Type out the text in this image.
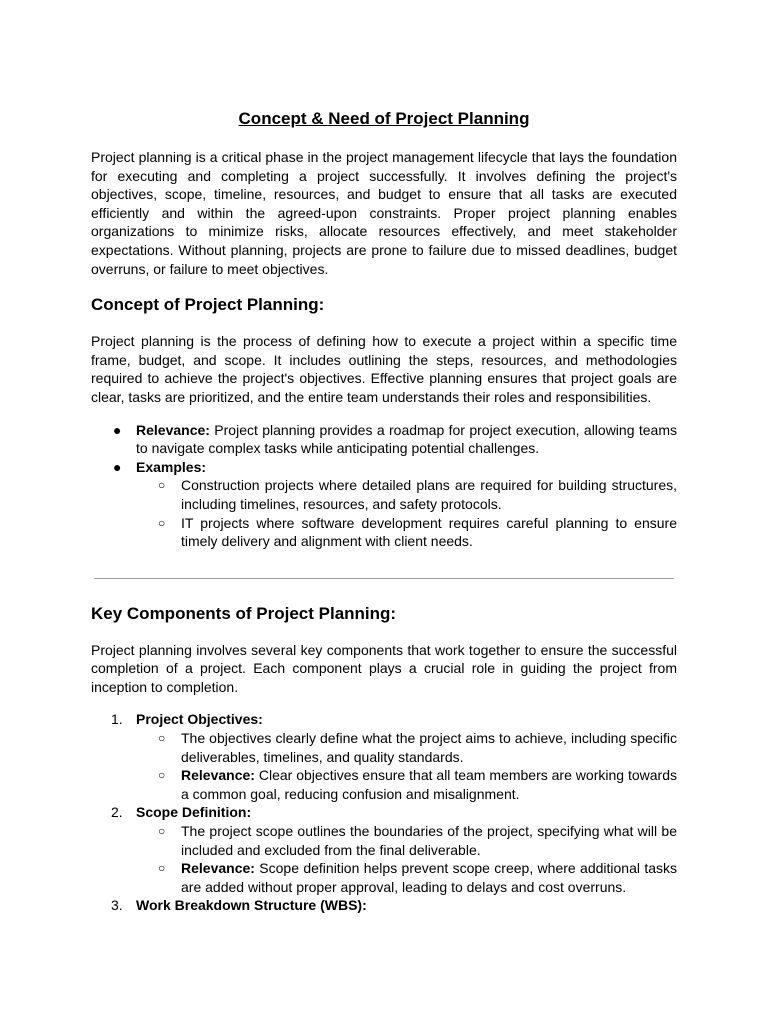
Concept & Need of Project Planning

Project planning is a critical phase in the project management lifecycle that lays the foundation for executing and completing a project successfully. It involves defining the project's objectives, scope, timeline, resources, and budget to ensure that all tasks are executed efficiently and within the agreed-upon constraints. Proper project planning enables organizations to minimize risks, allocate resources effectively, and meet stakeholder expectations. Without planning, projects are prone to failure due to missed deadlines, budget overruns, or failure to meet objectives.

Concept of Project Planning:

Project planning is the process of defining how to execute a project within a specific time frame, budget, and scope. It includes outlining the steps, resources, and methodologies required to achieve the project's objectives. Effective planning ensures that project goals are clear, tasks are prioritized, and the entire team understands their roles and responsibilities.

● Relevance: Project planning provides a roadmap for project execution, allowing teams to navigate complex tasks while anticipating potential challenges.
● Examples:
○ Construction projects where detailed plans are required for building structures, including timelines, resources, and safety protocols.
○ IT projects where software development requires careful planning to ensure timely delivery and alignment with client needs.
Key Components of Project Planning:

Project planning involves several key components that work together to ensure the successful completion of a project. Each component plays a crucial role in guiding the project from inception to completion.

1. Project Objectives:
○ The objectives clearly define what the project aims to achieve, including specific deliverables, timelines, and quality standards.
○ Relevance: Clear objectives ensure that all team members are working towards a common goal, reducing confusion and misalignment.
2. Scope Definition:
○ The project scope outlines the boundaries of the project, specifying what will be included and excluded from the final deliverable.
○ Relevance: Scope definition helps prevent scope creep, where additional tasks are added without proper approval, leading to delays and cost overruns.
3. Work Breakdown Structure (WBS):
